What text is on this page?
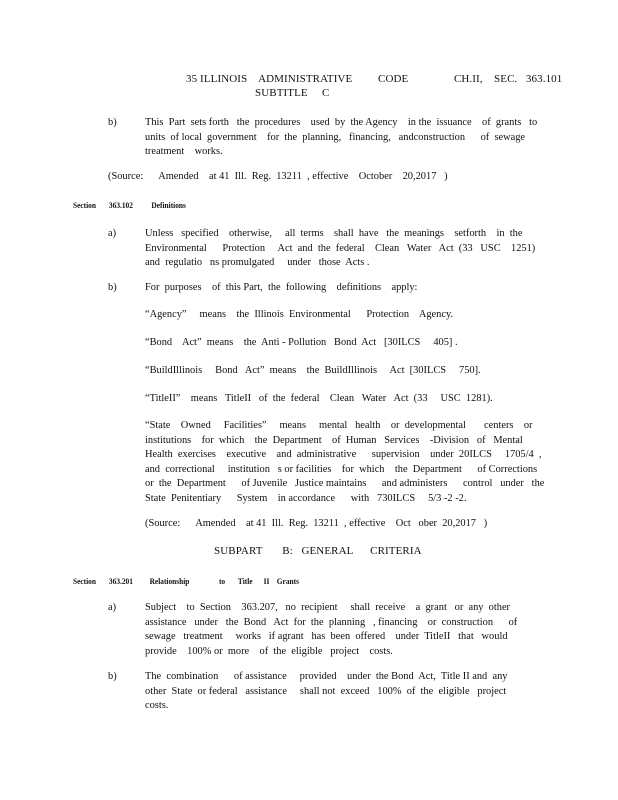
35 ILLINOIS    ADMINISTRATIVE         CODE                CH.II,    SEC.   363.101
SUBTITLE     C
b)	This  Part  sets forth   the  procedures    used  by  the Agency    in the  issuance    of  grants   to
units  of local  government    for  the  planning,   financing,   andconstruction      of  sewage
treatment    works.
(Source:      Amended    at 41  Ill.  Reg.  13211  , effective    October    20,2017   )
Section       363.102          Definitions
a)	Unless   specified    otherwise,     all  terms    shall  have   the  meanings    setforth    in  the
Environmental      Protection     Act  and  the  federal    Clean   Water   Act  (33   USC    1251)
and  regulatio   ns promulgated     under   those  Acts .
b)	For  purposes    of  this Part,  the  following    definitions    apply:
“Agency”     means    the  Illinois  Environmental      Protection    Agency.
“Bond    Act”  means    the  Anti - Pollution   Bond  Act   [30ILCS     405] .
“BuildIllinois     Bond   Act”  means    the  BuildIllinois     Act  [30ILCS     750].
“TitleII”    means   TitleII   of  the  federal    Clean   Water   Act  (33     USC  1281).
“State    Owned     Facilities”     means     mental   health    or  developmental       centers    or
institutions    for  which    the  Department    of  Human   Services    -Division   of   Mental
Health  exercises    executive    and  administrative      supervision    under  20ILCS     1705/4  ,
and  correctional     institution   s or facilities    for  which    the  Department      of Corrections
or  the  Department      of Juvenile   Justice maintains      and administers      control   under   the
State  Penitentiary      System    in accordance      with   730ILCS     5/3 -2 -2.
(Source:      Amended    at 41  Ill.  Reg.  13211  , effective    Oct   ober  20,2017   )
SUBPART       B:   GENERAL      CRITERIA
Section       363.201         Relationship                to       Title      II    Grants
a)	Subject    to  Section    363.207,   no  recipient     shall  receive    a  grant   or  any  other
assistance   under   the  Bond   Act  for  the  planning   , financing    or  construction      of
sewage   treatment     works   if agrant   has  been  offered    under  TitleII   that   would
provide    100% or  more    of  the  eligible   project    costs.
b)	The  combination      of assistance     provided    under  the Bond  Act,  Title II and  any
other  State  or federal   assistance     shall not  exceed   100%  of  the  eligible   project
costs.
